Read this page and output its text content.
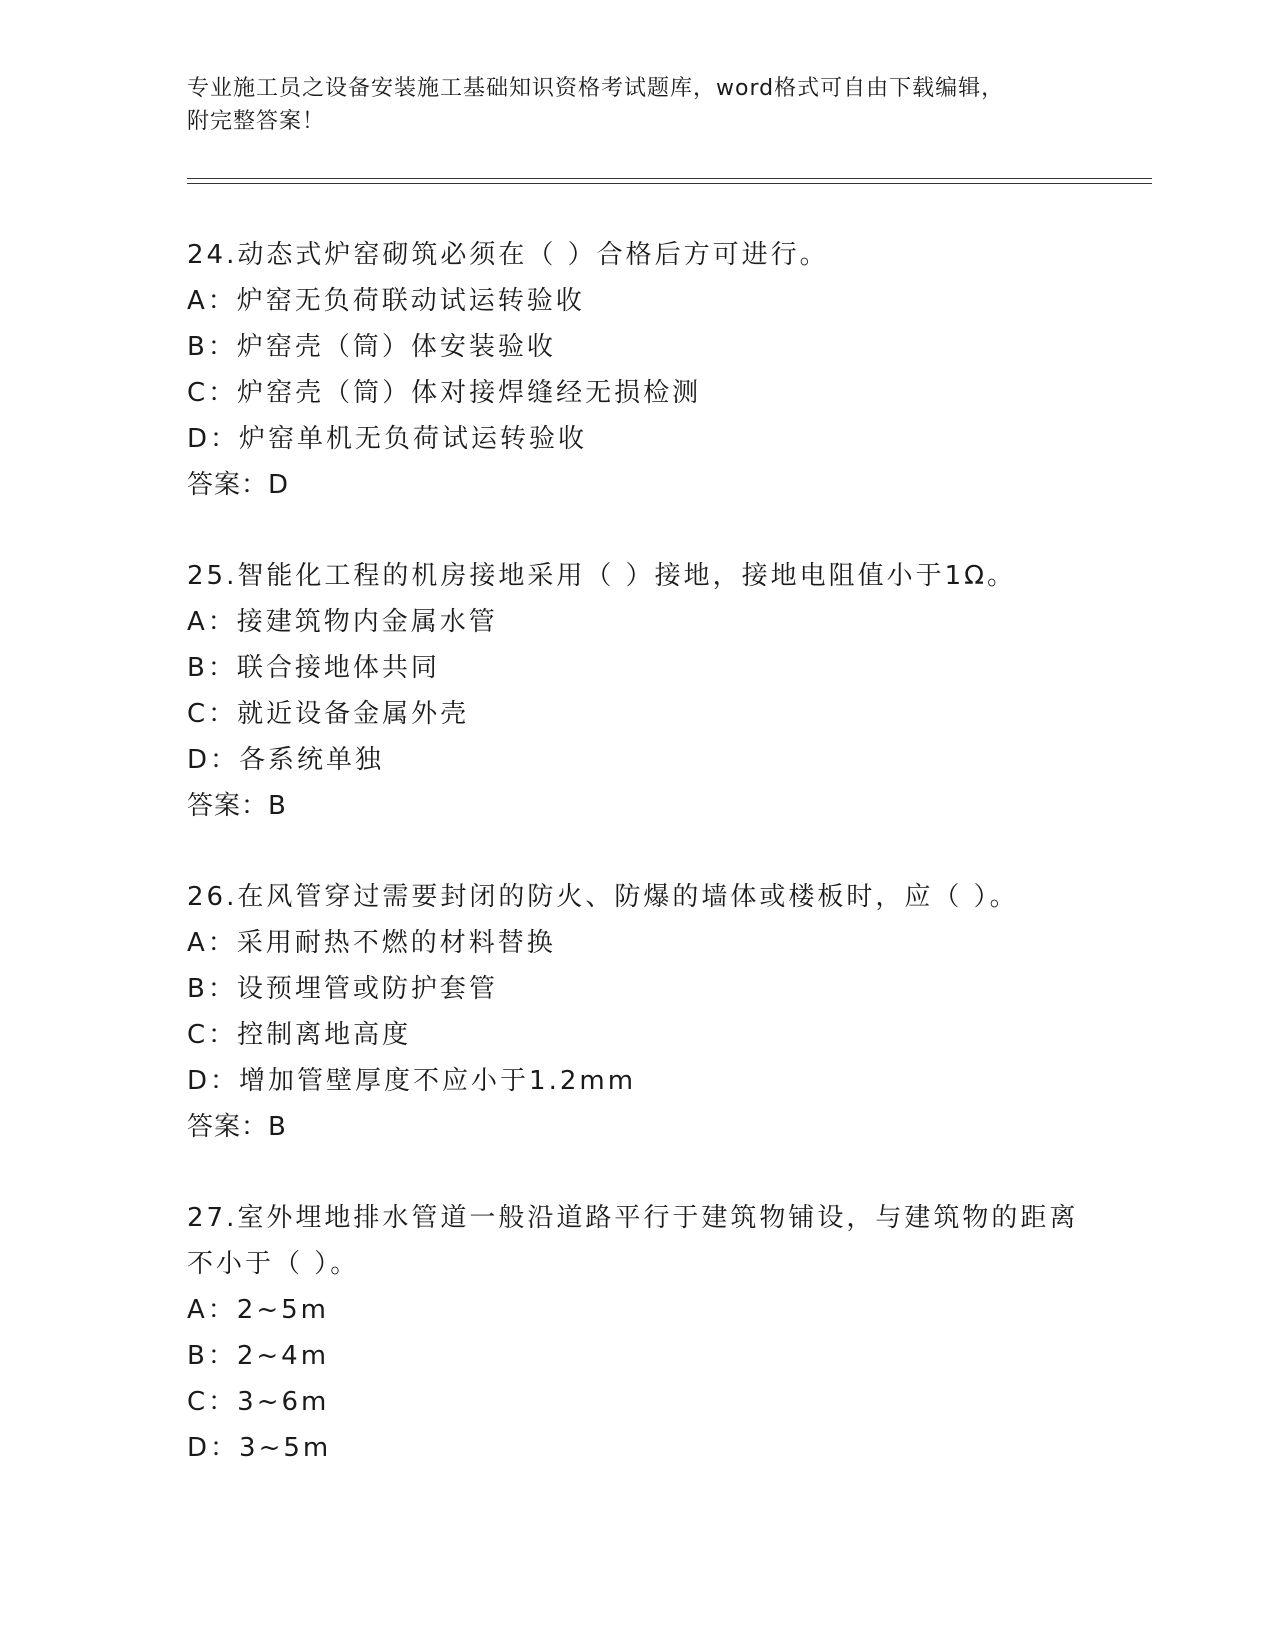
专业施工员之设备安装施工基础知识资格考试题库，word格式可自由下载编辑，
附完整答案！
24.动态式炉窑砌筑必须在（ ）合格后方可进行。
A：炉窑无负荷联动试运转验收
B：炉窑壳（筒）体安装验收
C：炉窑壳（筒）体对接焊缝经无损检测
D：炉窑单机无负荷试运转验收
答案：D
25.智能化工程的机房接地采用（ ）接地，接地电阻值小于1Ω。
A：接建筑物内金属水管
B：联合接地体共同
C：就近设备金属外壳
D：各系统单独
答案：B
26.在风管穿过需要封闭的防火、防爆的墙体或楼板时，应（ ）。
A：采用耐热不燃的材料替换
B：设预埋管或防护套管
C：控制离地高度
D：增加管壁厚度不应小于1.2mm
答案：B
27.室外埋地排水管道一般沿道路平行于建筑物铺设，与建筑物的距离
不小于（ ）。
A：2~5m
B：2~4m
C：3~6m
D：3~5m
